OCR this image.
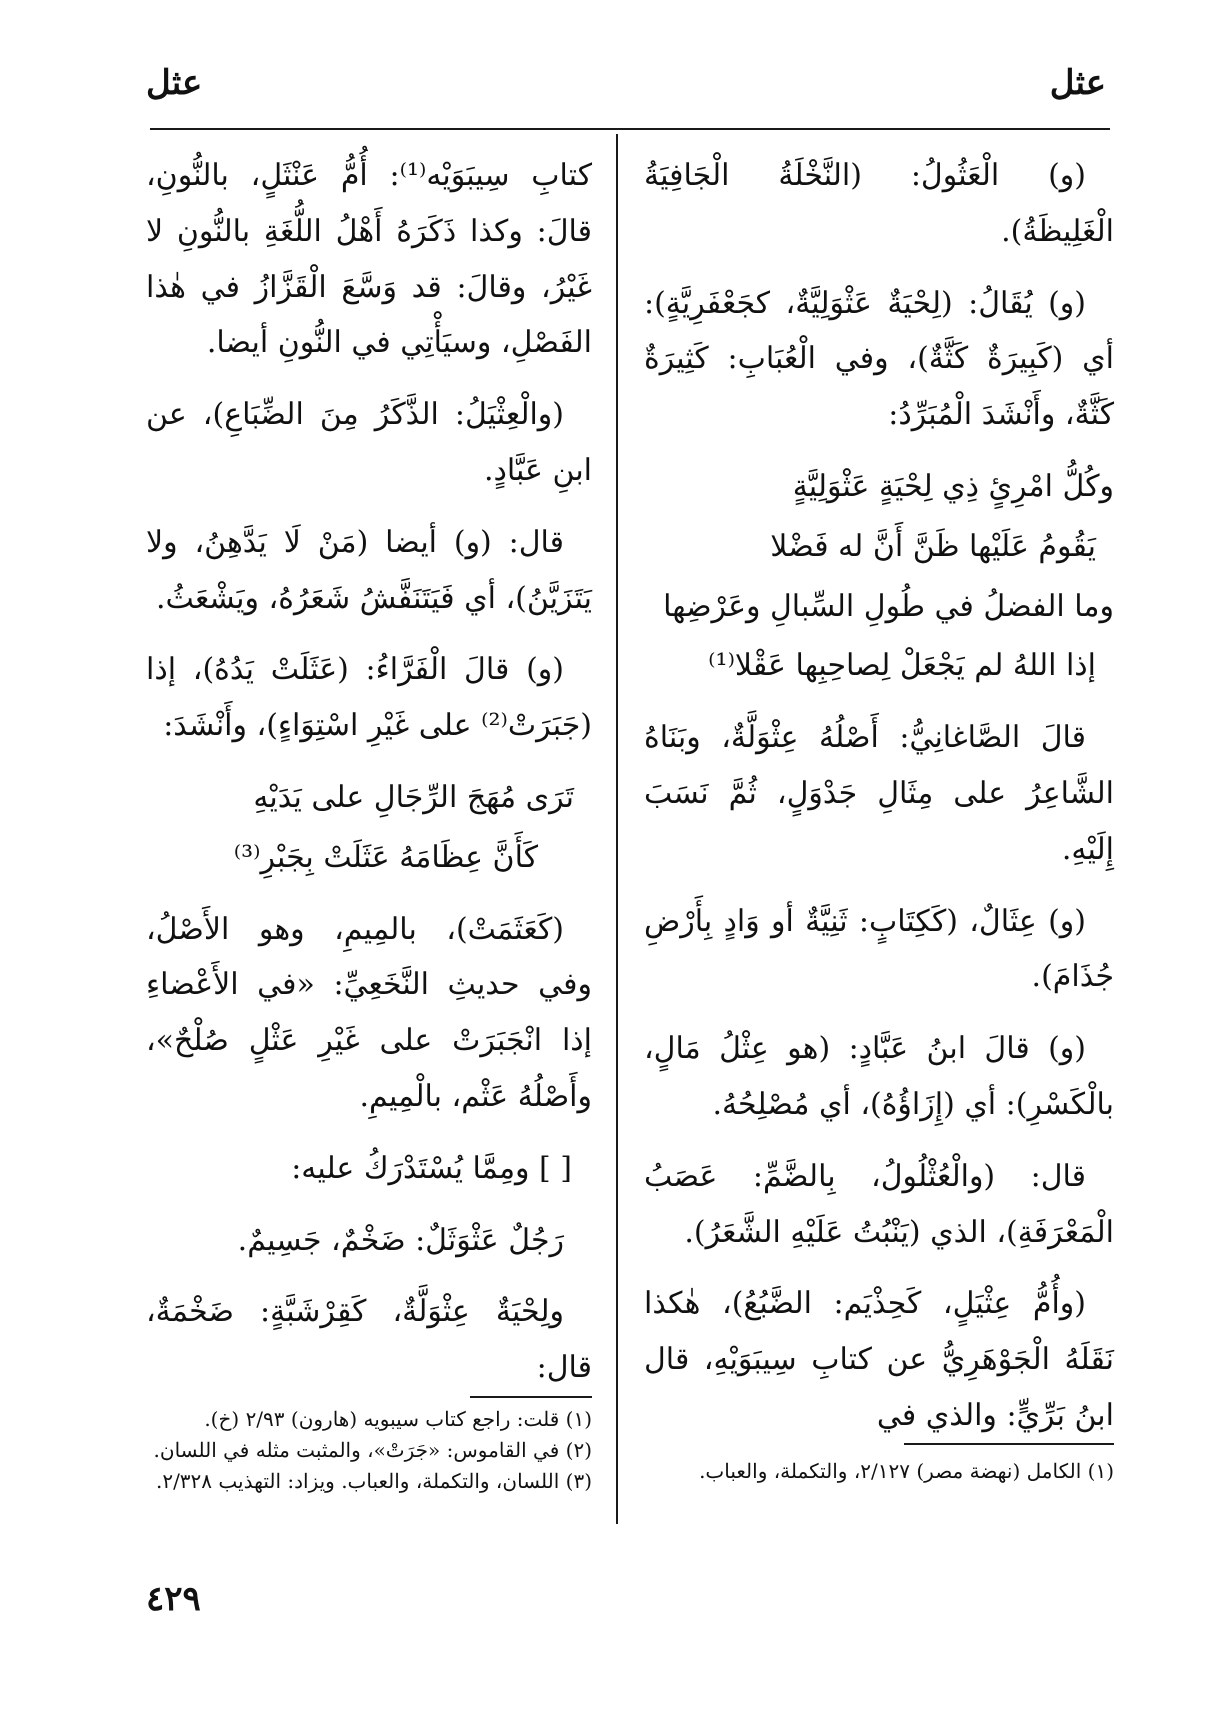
عثل
عثل

(و) الْعَثُولُ: (النَّخْلَةُ الْجَافِيَةُ الْغَلِيظَةُ).

(و) يُقَالُ: (لِحْيَةٌ عَثْوَلِيَّةٌ، كجَعْفَرِيَّةٍ): أي (كَبِيرَةٌ كَثَّةٌ)، وفي الْعُبَابِ: كَثِيرَةٌ كَثَّةٌ، وأَنْشَدَ الْمُبَرِّدُ:

وكُلُّ امْرِئٍ ذِي لِحْيَةٍ عَثْوَلِيَّةٍ
يَقُومُ عَلَيْها ظَنَّ أَنَّ له فَضْلا
وما الفضلُ في طُولِ السِّبالِ وعَرْضِها
إذا اللهُ لم يَجْعَلْ لِصاحِبِها عَقْلا⁽¹⁾

قالَ الصَّاغانِيُّ: أَصْلُهُ عِثْوَلَّةٌ، وبَنَاهُ الشَّاعِرُ على مِثَالِ جَدْوَلٍ، ثُمَّ نَسَبَ إِلَيْهِ.

(و) عِثَالٌ، (كَكِتَابٍ: ثَنِيَّةٌ أو وَادٍ بِأَرْضِ جُذَامَ).

(و) قالَ ابنُ عَبَّادٍ: (هو عِثْلُ مَالٍ، بالْكَسْرِ): أي (إِزَاؤُهُ)، أي مُصْلِحُهُ.

قال: (والْعُثْلُولُ، بِالضَّمِّ: عَصَبُ الْمَعْرَفَةِ)، الذي (يَنْبُتُ عَلَيْهِ الشَّعَرُ).

(وأُمُّ عِثْيَلٍ، كَحِذْيَم: الضَّبُعُ)، هٰكذا نَقَلَهُ الْجَوْهَرِيُّ عن كتابِ سِيبَوَيْهِ، قال ابنُ بَرِّيٍّ: والذي في

كتابِ سِيبَوَيْه⁽¹⁾: أُمُّ عَنْثَلٍ، بالنُّونِ، قالَ: وكذا ذَكَرَهُ أَهْلُ اللُّغَةِ بالنُّونِ لا غَيْرُ، وقالَ: قد وَسَّعَ الْقَزَّازُ في هٰذا الفَصْلِ، وسيَأْتِي في النُّونِ أيضا.

(والْعِثْيَلُ: الذَّكَرُ مِنَ الضِّبَاعِ)، عن ابنِ عَبَّادٍ.

قال: (و) أيضا (مَنْ لَا يَدَّهِنُ، ولا يَتَزَيَّنُ)، أي فَيَتَنَفَّشُ شَعَرُهُ، ويَشْعَثُ.

(و) قالَ الْفَرَّاءُ: (عَثَلَتْ يَدُهُ)، إذا (جَبَرَتْ⁽²⁾ على غَيْرِ اسْتِوَاءٍ)، وأَنْشَدَ:

تَرَى مُهَجَ الرِّجَالِ على يَدَيْهِ
كَأَنَّ عِظَامَهُ عَثَلَتْ بِجَبْرِ⁽³⁾

(كَعَثَمَتْ)، بالمِيمِ، وهو الأَصْلُ، وفي حديثِ النَّخَعِيِّ: «في الأَعْضاءِ إذا انْجَبَرَتْ على غَيْرِ عَثْلٍ صُلْحٌ»، وأَصْلُهُ عَثْم، بالْمِيمِ.

[ ] ومِمَّا يُسْتَدْرَكُ عليه:

رَجُلٌ عَثْوَثَلٌ: ضَخْمٌ، جَسِيمٌ.

ولِحْيَةٌ عِثْوَلَّةٌ، كَقِرْشَبَّةٍ: ضَخْمَةٌ، قال:

(١) الكامل (نهضة مصر) ٢/١٢٧، والتكملة، والعباب.
(١) قلت: راجع كتاب سيبويه (هارون) ٢/٩٣ (خ).
(٢) في القاموس: «جَرَتْ»، والمثبت مثله في اللسان.
(٣) اللسان، والتكملة، والعباب. ويزاد: التهذيب ٢/٣٢٨.
٤٢٩
